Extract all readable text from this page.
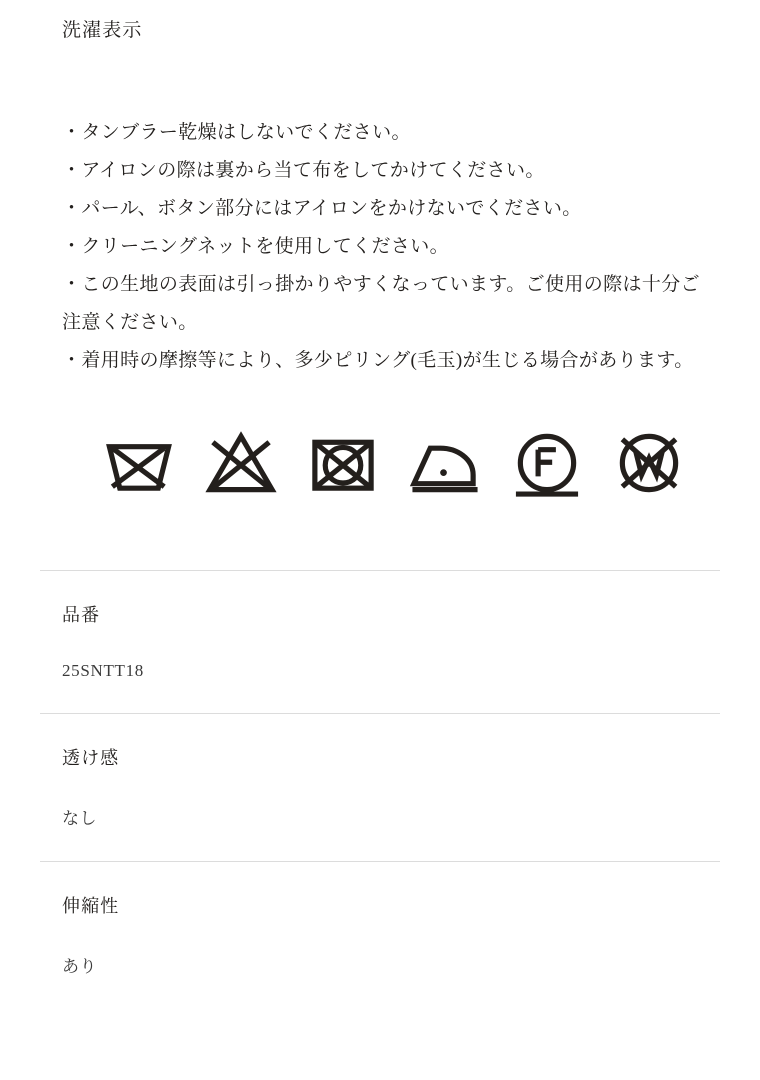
洗濯表示

・タンブラー乾燥はしないでください。

・アイロンの際は裏から当て布をしてかけてください。

・パール、ボタン部分にはアイロンをかけないでください。

・クリーニングネットを使用してください。

・この生地の表面は引っ掛かりやすくなっています。ご使用の際は十分ご注意ください。

・着用時の摩擦等により、多少ピリング(毛玉)が生じる場合があります。

品番
25SNTT18
透け感
なし
伸縮性
あり
